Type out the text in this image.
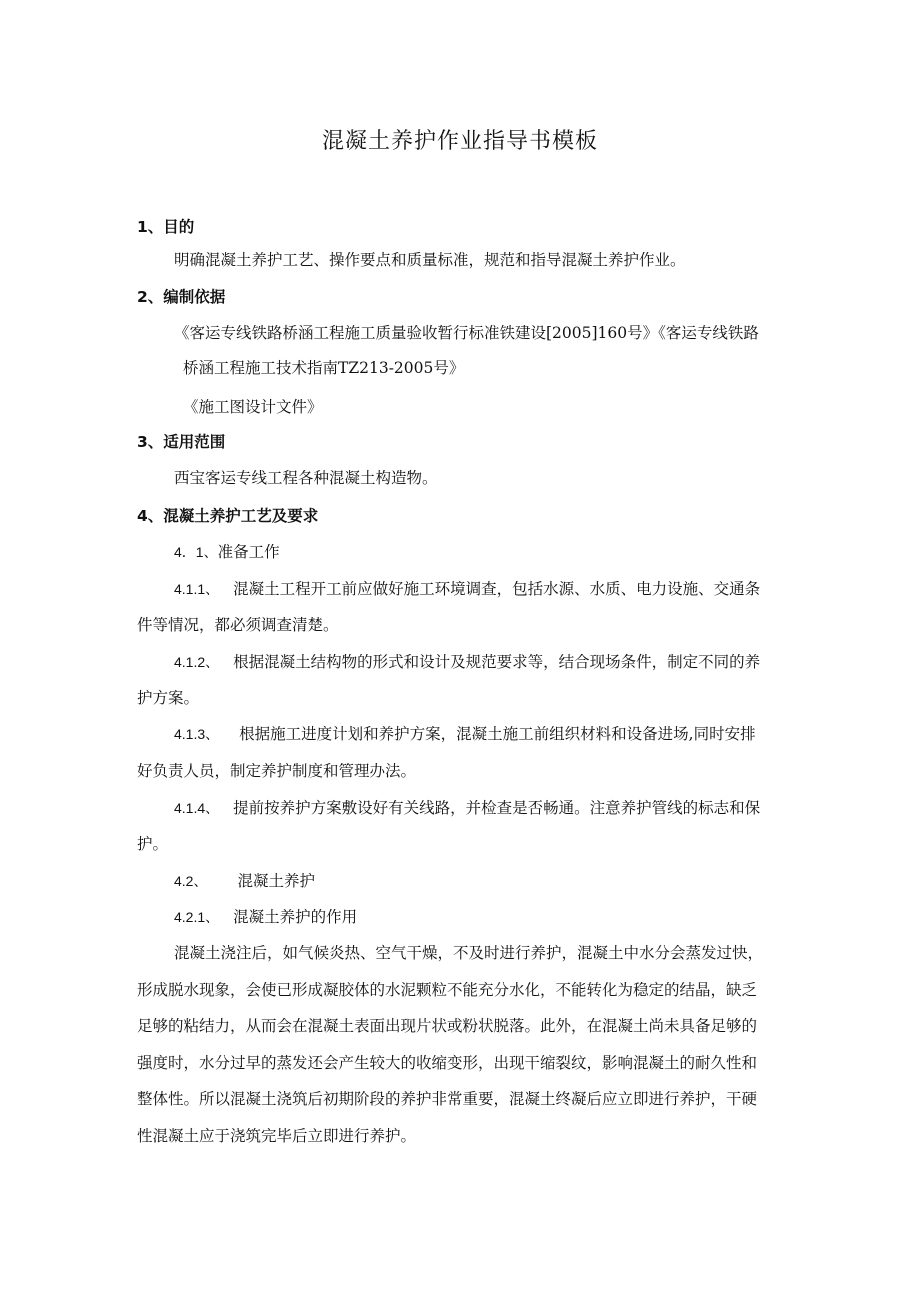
混凝土养护作业指导书模板
1、目的
明确混凝土养护工艺、操作要点和质量标准，规范和指导混凝土养护作业。
2、编制依据
《客运专线铁路桥涵工程施工质量验收暂行标准铁建设[2005]160号》《客运专线铁路
桥涵工程施工技术指南TZ213-2005号》
《施工图设计文件》
3、适用范围
西宝客运专线工程各种混凝土构造物。
4、混凝土养护工艺及要求
4．1、准备工作
4.1.1、 混凝土工程开工前应做好施工环境调查，包括水源、水质、电力设施、交通条
件等情况，都必须调查清楚。
4.1.2、 根据混凝土结构物的形式和设计及规范要求等，结合现场条件，制定不同的养
护方案。
4.1.3、 根据施工进度计划和养护方案，混凝土施工前组织材料和设备进场,同时安排
好负责人员，制定养护制度和管理办法。
4.1.4、 提前按养护方案敷设好有关线路，并检查是否畅通。注意养护管线的标志和保
护。
4.2、 混凝土养护
4.2.1、 混凝土养护的作用
混凝土浇注后，如气候炎热、空气干燥，不及时进行养护，混凝土中水分会蒸发过快，
形成脱水现象，会使已形成凝胶体的水泥颗粒不能充分水化，不能转化为稳定的结晶，缺乏
足够的粘结力，从而会在混凝土表面出现片状或粉状脱落。此外，在混凝土尚未具备足够的
强度时，水分过早的蒸发还会产生较大的收缩变形，出现干缩裂纹，影响混凝土的耐久性和
整体性。所以混凝土浇筑后初期阶段的养护非常重要，混凝土终凝后应立即进行养护，干硬
性混凝土应于浇筑完毕后立即进行养护。
